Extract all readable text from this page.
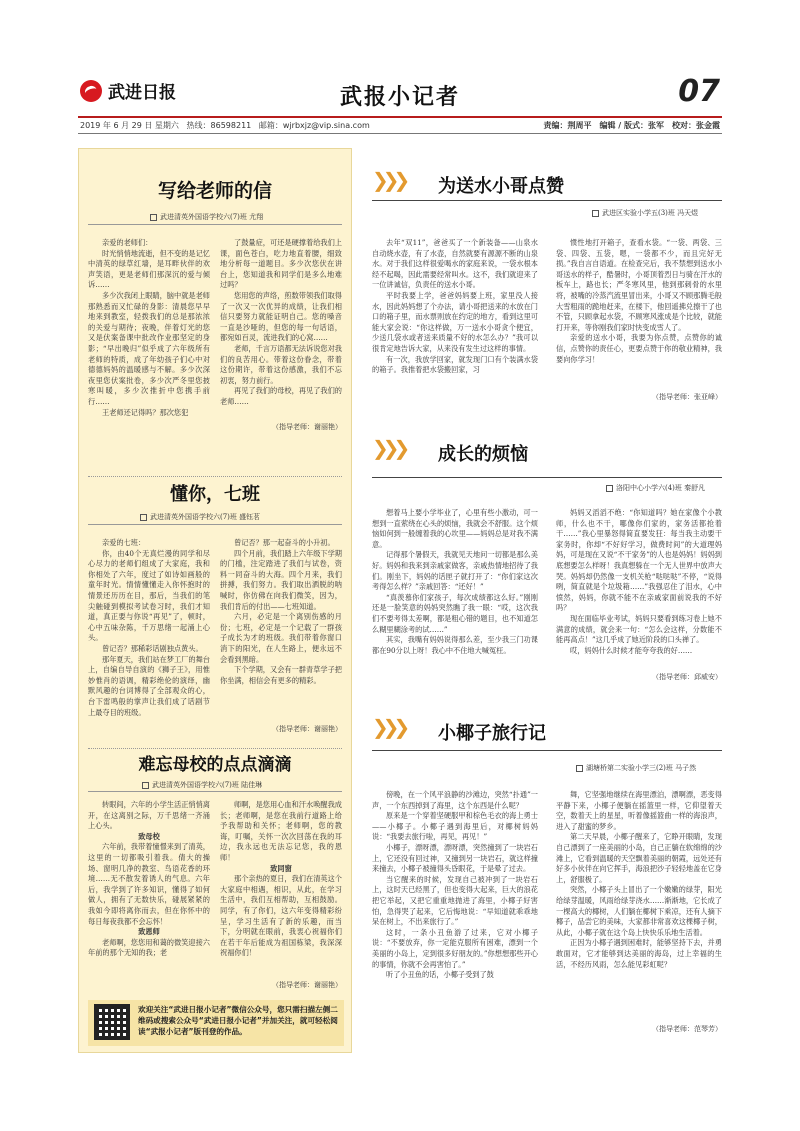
武进日报	武报小记者	07
2019 年 6 月 29 日 星期六 热线：86598211 邮箱：wjrbxjz@vip.sina.com	责编：荆周平　编辑 / 版式：张军　校对：张金霞
写给老师的信
武进清英外国语学校六(7)班 尤翔

亲爱的老师们：

时光悄悄地流逝，但不变的是记忆中清英的绿草红墙，是耳畔伙伴的欢声笑语，更是老师们那深沉的爱与倾诉……

多少次我闭上眼睛，脑中就是老师那熟悉而又忙碌的身影：清晨您早早地来到教室，轻拨我们的总是那浓浓的关爱与期待；夜晚，伴着灯光的您又是伏案备课中批改作业那坚定的身影；“早出晚归”似乎成了六年级所有老师的特质，成了年幼孩子们心中对德德妈妈的温暖感与不解。多少次深夜里您伏案批卷，多少次严冬里您披寒叫暖，多少次推折中您携手前行……

王老师还记得吗？那次您犯

了鼓量症，可还是硬撑着给我们上课，面色苍白，吃力地直着腰，细致地分析每一道题目。多少次您伏在讲台上，您知道我和同学们是多么地难过吗？

您用您的声络，煎数带领我们取得了一次又一次优异的成绩，让我们相信只要努力就能证明自己。您的嗓音一直是沙哑的，但您的每一句话语，都宛如百灵，流进我们的心窝……

老师，千言万语都无法诉说您对我们的良苦用心。带着这份眷念，带着这份期许，带着这份感激，我们不忘初衷，努力前行。

再见了我们的母校，再见了我们的老师……

（指导老师：谢丽艳）
懂你，七班
武进清英外国语学校六(7)班 盛钰茗

亲爱的七班：

你，由40个无真烂漫的同学和尽心尽力的老师们组成了大家庭，我和你相处了六年，度过了如诗如画般的童年时光。情情懂懂走入你怀抱时的情景还历历在目，那后，当我们的笔尖触碰到模拟考试卷习时，我们才知道，真正要与你说“再见”了，顿时，心中五味杂陈，千万思绪一起涌上心头。

曾记否？那稀彩话剧独点黄头。

那年夏天，我们站在梦工厂的舞台上，自编自导自演的《狮子王》，用惟妙惟肖的语调，精彩绝伦的演绎，幽默风趣的台词博得了全部观众的心，台下雷鸣般的掌声让我们成了话剧节上最夺目的班级。

曾记否？那一起奋斗的小升初。

四个月前，我们踏上六年级下学期的门槛，注定踏进了我们与试卷，资料一同奋斗的大海。四个月来，我们拼搏，我们努力。我们取出洒脱的呐喊时，你仿佛在向我们微笑，因为，我们肯后的付出——七班知道。

六月，必定是一个离别伤感的月份；七班，必定是一个记载了一群孩子成长为才的班级。我们带着你窗口消下的阳光，在人生路上，便永远不会看到黑暗。

下个学期，又会有一群青草学子把你坐满，相信会有更多的精彩。

（指导老师：谢丽艳）
难忘母校的点点滴滴
武进清英外国语学校六(7)班 陆佳琳

转眼间，六年的小学生活正悄悄离开，在这离别之际，万千思绪一齐涌上心头。

致母校

六年前，我带着憧憬来到了清英，这里的一切都吸引着我。倩大的操场、窗明几净的教室、鸟语花香的环境……无不散发着诱人的气息。六年后，我学到了许多知识，懂得了如何做人，拥有了无数快乐，碰展紧紧的我如今即将离你而去，但在你怀中的每日每夜我都不会忘怀！

致恩师

老师啊，您您用和蔼的微笑迎接六年前的那个无知的我；老

师啊，是您用心血和汗水唤醒我成长；老师啊，是您在我前行道路上给予我帮助和关怀；老师啊，您的教诲，叮嘱，关怀一次次回荡在我的耳边，我永远也无法忘记您，我的恩师！

致同窗

那个亲热的夏日，我们在清英这个大家庭中相遇，相识，从此，在学习生活中，我们互相帮助，互相鼓励。同学，有了你们，这六年变得精彩纷呈，学习生活有了新的乐趣，而当下，分明就在眼前，我衷心祝福你们在若干年后能成为祖国栋梁，我深深祝福你们！

（指导老师：谢丽艳）
欢迎关注“武进日报小记者”微信公众号，您只需扫描左侧二维码或搜索公众号“武进日报小记者”并加关注，就可轻松阅读“武报小记者”版刊登的作品。
❯❯❯ 为送水小哥点赞
武进区实验小学五(3)班 冯天煜

去年“双11”，爸爸买了一个新装备——山泉水自动烧水壶，有了水壶，自然就要有源源不断的山泉水。对于我们这样很爱喝水的家庭来说，一袋水根本经不起喝，因此需要经常叫水。这不，我们就迎来了一位讲诚信，负责任的送水小哥。

平时我要上学，爸爸妈妈要上班，家里没人接水，因此妈妈想了个办法，请小哥把送来的水放在门口的箱子里，而水票则放在约定的地方，看到这里可能大家会说：“你这样做，万一送水小哥贪个便宜，少送几袋水或者送来质量不好的水怎么办？”我可以很肯定地告诉大家，从来没有发生过这样的事情。

有一次，我放学回家，就发现门口有个装满水袋的箱子。我推着把水袋搬回家，习

惯性地打开箱子，查看水袋。“一袋、两袋、三袋、四袋、五袋，嗯，一袋都不少，而且完好无损。”我自言自语道。在检查完后，我不禁想到送水小哥送水的样子，酷暑时，小哥顶着烈日与骑在汗水的板车上，路也长；严冬寒风里，他到那刺骨的水里将，被嘴的冷蒸汽流里冒出来，小哥又不顾那腾毛般大雪粗雨的跪地赶来，在楼下，他回遥拂兑擦干了也不管，只顾拿起水袋，不顾寒风涨成是个比较，就能打开来，等你刚我们家时快变成雪人了。

亲爱的送水小哥，我要为你点赞，点赞你的诚信，点赞你的责任心，更要点赞于你的敬业精神，我要向你学习！

（指导老师：张亚峰）
❯❯❯ 成长的烦恼
洛阳中心小学六(4)班 秦舒凡

想着马上要小学毕业了，心里有些小激动，可一想到一直萦绕在心头的烦恼，我就会不舒服。这个烦恼如何到一般缠着我的心坎里——妈妈总是对我不满意。

记得那个暑假天，我就见天地问一切都是那么美好。妈妈和我来到亲戚家做客，亲戚热情地招待了我们。刚坐下，妈妈的话匣子就打开了：“你们家这次考得怎么样？”亲戚回答：“还好！”

“真羡慕你们家孩子，每次成绩都这么好。”刚刚还是一脸笑意的妈妈突然瞧了我一眼：“哎，这次我们不要考得太差啊，都是粗心错的题目，也不知道怎么糊里糊涂考的试……”

其实，我嘴有妈妈说得那么差，至少我三门功课都在90分以上呀！我心中不住地大喊冤枉。

妈妈又滔滔不绝：“你知道吗？她在家像个小教师，什么也不干，哪像你们家的，家务活都抢着干……”我心里暴怒得简直要发狂：每当我主动要干家务时，你却“不好好学习，做费时间”的大道理妈妈，可是现在又说“不干家务”的人也是妈妈！妈妈到底想要怎么样呀！我真想躲在一个无人世界中放声大哭。妈妈却仍然像一支机关枪“哒哒哒”不停，“说得咧，简直就是个垃圾箱……”我强忍住了泪水，心中愤然，妈妈，你就不能不在亲戚家面前说我的不好吗？

现在面临毕业考试，妈妈只要看到练习卷上她不满意的成绩，就会来一句：“怎么会这样，分数能不能再高点！”这几乎成了她近阶段的口头禅了。

哎，妈妈什么时候才能夸夸我的好……

（指导老师：邱威安）
❯❯❯ 小椰子旅行记
湖塘桥第二实验小学三(2)班 马子然

傍晚，在一个风平浪静的沙滩边，突然“扑通”一声，一个东西掉到了海里，这个东西是什么呢？

原来是一个穿着坚硬服甲和棕色毛衣的海上勇士——小椰子。小椰子遇到海里后，对椰树妈妈说：“我要去旅行啦，再见，再见！”

小椰子，漂呀漂，漂呀漂，突然撞到了一块岩石上，它还没有回过神，又撞到另一块岩石，就这样撞来撞去，小椰子被撞得头昏眼花，于是晕了过去。

当它醒来的时候，发现自己被冲到了一块岩石上，这时天已经黑了，但也变得大起来，巨大的浪花把它举起，又把它重重地抛进了海里，小椰子好害怕，急得哭了起来，它后悔地说：“早知道就乖乖地呆在树上，不出来旅行了。”

这时，一条小丑鱼游了过来，它对小椰子说：“不要放弃，你一定能克服所有困难，漂到一个美丽的小岛上，定到很多好朋友的。”你想想那些开心的事情，你就不会再害怕了。”

听了小丑鱼的话，小椰子受到了鼓

舞，它坚强地继续在海里漂泊，漂啊漂，恶变得平静下来，小椰子便躺在摇篮里一样，它仰望着天空，数着天上的星星，听着像摇篮曲一样的海浪声，进入了甜蜜的梦乡。

第二天早晨，小椰子醒来了，它睁开眼睛，发现自己漂到了一座美丽的小岛，自己正躺在软绵绵的沙滩上，它看到温暖的天空飘着美丽的朝霞，远处还有好多小伙伴在向它挥手，海浪把沙子轻轻地盖在它身上，舒服极了。

突然，小椰子头上冒出了一个嫩嫩的绿芽，阳光给绿芽温暖，风雨给绿芽浇水……渐渐地，它长成了一棵高大的椰树，人们躺在椰树下乘凉，还有人摘下椰子，品尝它的美味，大家都非常喜欢这棵椰子树，从此，小椰子就在这个岛上快快乐乐地生活着。

正因为小椰子遇到困难时，能够坚持下去，并勇敢面对，它才能够到达美丽的海岛，过上幸福的生活，不经历风雨，怎么能见彩虹呢？

（指导老师：范琴芳）
